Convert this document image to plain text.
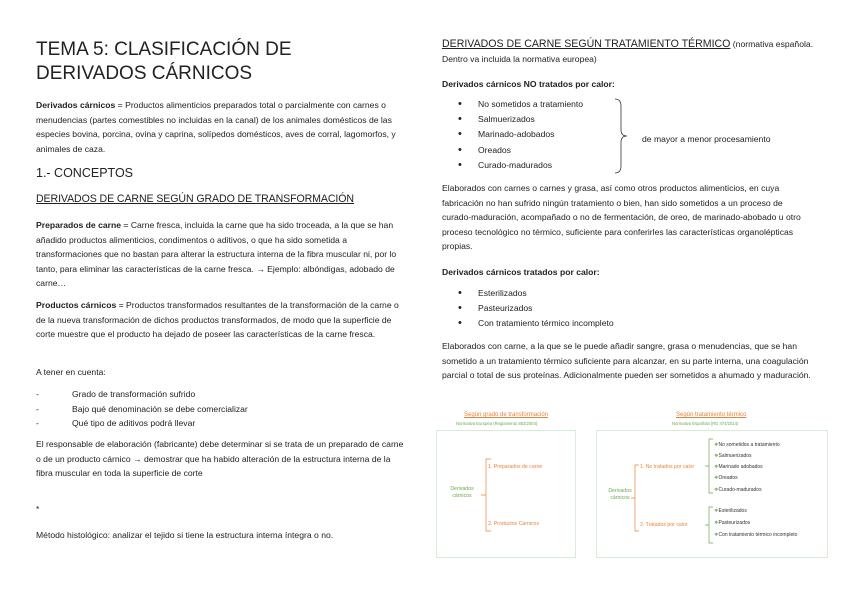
TEMA 5: CLASIFICACIÓN DE DERIVADOS CÁRNICOS

Derivados cárnicos = Productos alimenticios preparados total o parcialmente con carnes o menudencias (partes comestibles no incluidas en la canal) de los animales domésticos de las especies bovina, porcina, ovina y caprina, solípedos domésticos, aves de corral, lagomorfos, y animales de caza.

1.- CONCEPTOS
DERIVADOS DE CARNE SEGÚN GRADO DE TRANSFORMACIÓN

Preparados de carne = Carne fresca, incluida la carne que ha sido troceada, a la que se han añadido productos alimenticios, condimentos o aditivos, o que ha sido sometida a transformaciones que no bastan para alterar la estructura interna de la fibra muscular ni, por lo tanto, para eliminar las características de la carne fresca. → Ejemplo: albóndigas, adobado de carne…

Productos cárnicos = Productos transformados resultantes de la transformación de la carne o de la nueva transformación de dichos productos transformados, de modo que la superficie de corte muestre que el producto ha dejado de poseer las características de la carne fresca.

A tener en cuenta:

- Grado de transformación sufrido
- Bajo qué denominación se debe comercializar
- Qué tipo de aditivos podrá llevar

El responsable de elaboración (fabricante) debe determinar si se trata de un preparado de carne o de un producto cárnico → demostrar que ha habido alteración de la estructura interna de la fibra muscular en toda la superficie de corte

*

Método histológico: analizar el tejido si tiene la estructura interna íntegra o no.

DERIVADOS DE CARNE SEGÚN TRATAMIENTO TÉRMICO (normativa española. Dentro va incluida la normativa europea)

Derivados cárnicos NO tratados por calor:

• No sometidos a tratamiento
• Salmuerizados
• Marinado-adobados
• Oreados
• Curado-madurados

de mayor a menor procesamiento

Elaborados con carnes o carnes y grasa, así como otros productos alimenticios, en cuya fabricación no han sufrido ningún tratamiento o bien, han sido sometidos a un proceso de curado-maduración, acompañado o no de fermentación, de oreo, de marinado-abobado u otro proceso tecnológico no térmico, suficiente para conferirles las características organolépticas propias.

Derivados cárnicos tratados por calor:

• Esterilizados
• Pasteurizados
• Con tratamiento térmico incompleto

Elaborados con carne, a la que se le puede añadir sangre, grasa o menudencias, que se han sometido a un tratamiento térmico suficiente para alcanzar, en su parte interna, una coagulación parcial o total de sus proteínas. Adicionalmente pueden ser sometidos a ahumado y maduración.

Según grado de transformación
Normativa Europea (Reglamento 853/2004)
Derivados cárnicos
1. Preparados de carne
2. Productos Cárnicos
Según tratamiento térmico
Normativa Española (RD 474/2014)
Derivados cárnicos
1. No tratados por calor
2. Tratados por calor
❖No sometidos a tratamiento
❖Salmuerizados
❖Marinado adobados
❖Oreados
❖Curado-madurados
❖Esterilizados
❖Pasteurizados
❖Con tratamiento térmico incompleto
